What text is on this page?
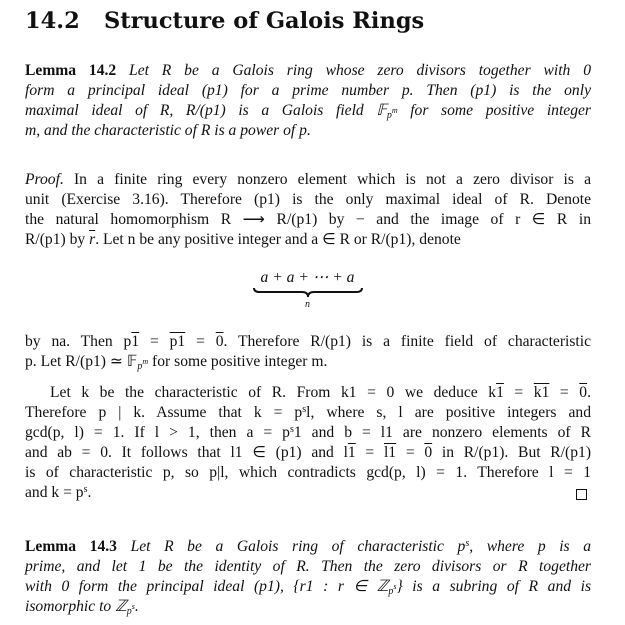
14.2 Structure of Galois Rings
Lemma 14.2 Let R be a Galois ring whose zero divisors together with 0
form a principal ideal (p1) for a prime number p. Then (p1) is the only
maximal ideal of R, R/(p1) is a Galois field 𝔽$_{p^m}$ for some positive integer
m, and the characteristic of R is a power of p.
Proof. In a finite ring every nonzero element which is not a zero divisor is a
unit (Exercise 3.16). Therefore (p1) is the only maximal ideal of R. Denote
the natural homomorphism R ⟶ R/(p1) by − and the image of r ∈ R in
R/(p1) by $\overline{r}$. Let n be any positive integer and a ∈ R or R/(p1), denote
a + a + ⋯ + a
n
by na. Then p1 = p1 = 0. Therefore R/(p1) is a finite field of characteristic
p. Let R/(p1) ≃ 𝔽$_{p^m}$ for some positive integer m.
Let k be the characteristic of R. From k1 = 0 we deduce k1 = k1 = 0.
Therefore p | k. Assume that $k = p^sl$, where s, l are positive integers and
gcd(p, l) = 1. If l > 1, then $a = p^s1$ and b = l1 are nonzero elements of R
and ab = 0. It follows that l1 ∈ (p1) and l1 = l1 = 0 in R/(p1). But R/(p1)
is of characteristic p, so p|l, which contradicts gcd(p, l) = 1. Therefore l = 1
and $k = p^s$.
Lemma 14.3 Let R be a Galois ring of characteristic $p^s$, where p is a
prime, and let 1 be the identity of R. Then the zero divisors or R together
with 0 form the principal ideal (p1), {r1 : r ∈ ℤ$_{p^s}$} is a subring of R and is
isomorphic to ℤ$_{p^s}$.
